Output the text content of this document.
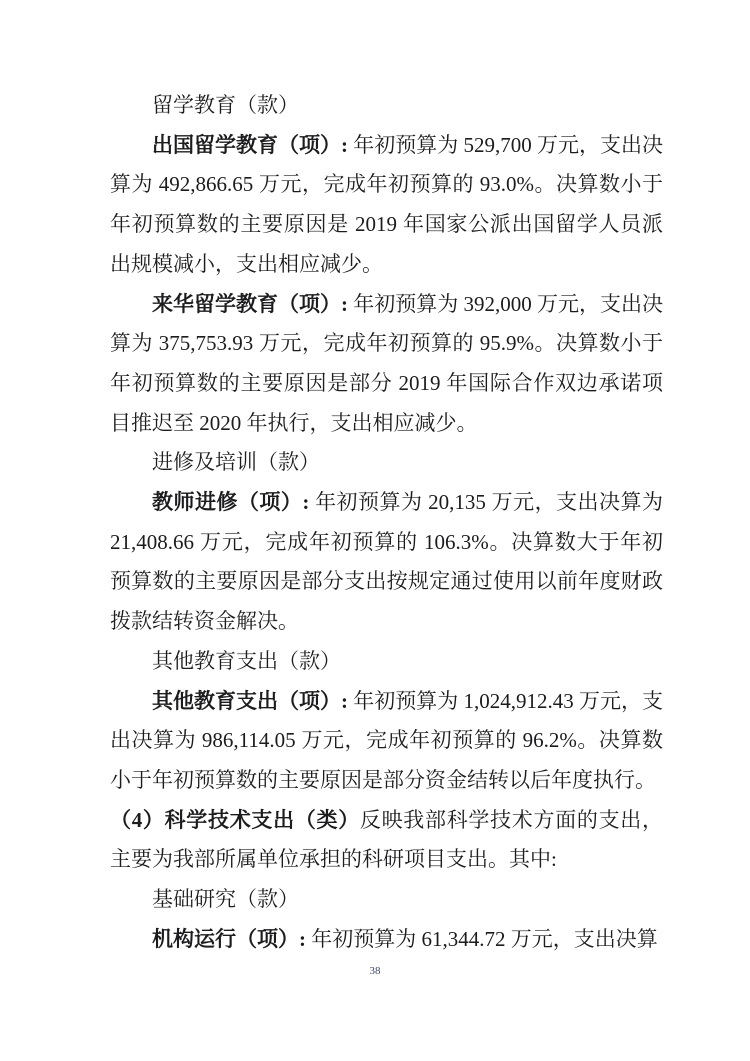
留学教育（款）

出国留学教育（项）: 年初预算为 529,700 万元，支出决算为 492,866.65 万元，完成年初预算的 93.0%。决算数小于年初预算数的主要原因是 2019 年国家公派出国留学人员派出规模减小，支出相应减少。

来华留学教育（项）: 年初预算为 392,000 万元，支出决算为 375,753.93 万元，完成年初预算的 95.9%。决算数小于年初预算数的主要原因是部分 2019 年国际合作双边承诺项目推迟至 2020 年执行，支出相应减少。

进修及培训（款）

教师进修（项）: 年初预算为 20,135 万元，支出决算为 21,408.66 万元，完成年初预算的 106.3%。决算数大于年初预算数的主要原因是部分支出按规定通过使用以前年度财政拨款结转资金解决。

其他教育支出（款）

其他教育支出（项）: 年初预算为 1,024,912.43 万元，支出决算为 986,114.05 万元，完成年初预算的 96.2%。决算数小于年初预算数的主要原因是部分资金结转以后年度执行。

（4）科学技术支出（类）反映我部科学技术方面的支出，主要为我部所属单位承担的科研项目支出。其中:

基础研究（款）

机构运行（项）: 年初预算为 61,344.72 万元，支出决算

38
